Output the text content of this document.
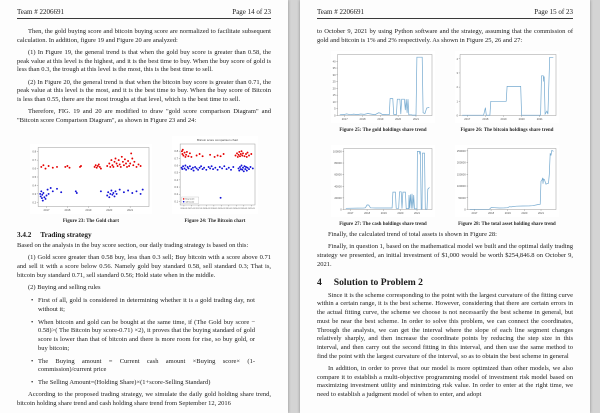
Team # 2206691	Page 14 of 23

Then, the gold buying score and bitcoin buying score are normalized to facilitate subsequent calculation. In addition, figure 19 and Figure 20 are analyzed:

(1) In Figure 19, the general trend is that when the gold buy score is greater than 0.58, the peak value at this level is the highest, and it is the best time to buy. When the buy score of gold is less than 0.3, the trough at this level is the most, this is the best time to sell.

(2) In Figure 20, the general trend is that when the bitcoin buy score is greater than 0.71, the peak value at this level is the most, and it is the best time to buy. When the buy score of Bitcoin is less than 0.55, there are the most troughs at that level, which is the best time to sell.

Therefore, FIG. 19 and 20 are modified to draw "gold score comparison Diagram" and "Bitcoin score Comparison Diagram", as shown in Figure 23 and 24:

0.2
0.3
0.4
0.5
0.6
0.7
0.8
2017	2018	2019	2020	2021
Figure 23: The Gold chart
Bitcoin score comparison chart
0.1
0.2
0.3
0.4
0.5
0.6
0.7
0.8
2016-09 2017-03 2017-09 2018-03 2018-09 2019-03 2019-09 2020-03 2020-09 2021-03
buy score
sell score
Figure 24: The Bitcoin chart
3.4.2 Trading strategy

Based on the analysis in the buy score section, our daily trading strategy is based on this:

(1) Gold score greater than 0.58 buy, less than 0.3 sell; Buy bitcoin with a score above 0.71 and sell it with a score below 0.56. Namely gold buy standard 0.58, sell standard 0.3; That is, bitcoin buy standard 0.71, sell standard 0.56; Hold state when in the middle.

(2) Buying and selling rules

• First of all, gold is considered in determining whether it is a gold trading day, not without it;
• When bitcoin and gold can be bought at the same time, if (The Gold buy score − 0.58)>( The Bitcoin buy score-0.71) ×2), it proves that the buying standard of gold score is lower than that of bitcoin and there is more room for rise, so buy gold, or buy bitcoin;
• The Buying amount = Current cash amount ×Buying score× (1- commission)/current price
• The Selling Amount=(Holding Share)×(1+score-Selling Standard)

According to the proposed trading strategy, we simulate the daily gold holding share trend, bitcoin holding share trend and cash holding share trend from September 12, 2016

Team # 2206691	Page 15 of 23

to October 9, 2021 by using Python software and the strategy, assuming that the commission of gold and bitcoin is 1% and 2% respectively. As shown in Figure 25, 26 and 27:

0
5
10
15
20
25
30
35
40
2017	2018	2019	2020	2021
Figure 25: The gold holdings share trend
0
1
2
3
4
2017	2018	2019	2020	2021
Figure 26: The bitcoin holdings share trend
0
20000
40000
60000
80000
100000
2017	2018	2019	2020	2021
Figure 27: The cash holdings share trend
0
50000
100000
150000
200000
250000
2017	2018	2019	2020	2021
Figure 28: The total asset holding share trend

Finally, the calculated trend of total assets is shown in Figure 28:

Finally, in question 1, based on the mathematical model we built and the optimal daily trading strategy we presented, an initial investment of $1,000 would be worth $254,846.8 on October 9, 2021.

4 Solution to Problem 2

Since it is the scheme corresponding to the point with the largest curvature of the fitting curve within a certain range, it is the best scheme. However, considering that there are certain errors in the actual fitting curve, the scheme we choose is not necessarily the best scheme in general, but must be near the best scheme. In order to solve this problem, we can connect the coordinates, Through the analysis, we can get the interval where the slope of each line segment changes relatively sharply, and then increase the coordinate points by reducing the step size in this interval, and then carry out the second fitting in this interval, and then use the same method to find the point with the largest curvature of the interval, so as to obtain the best scheme in general

In addition, in order to prove that our model is more optimized than other models, we also compare it to establish a multi-objective programming model of investment risk model based on maximizing investment utility and minimizing risk value. In order to enter at the right time, we need to establish a judgment model of when to enter, and adopt
